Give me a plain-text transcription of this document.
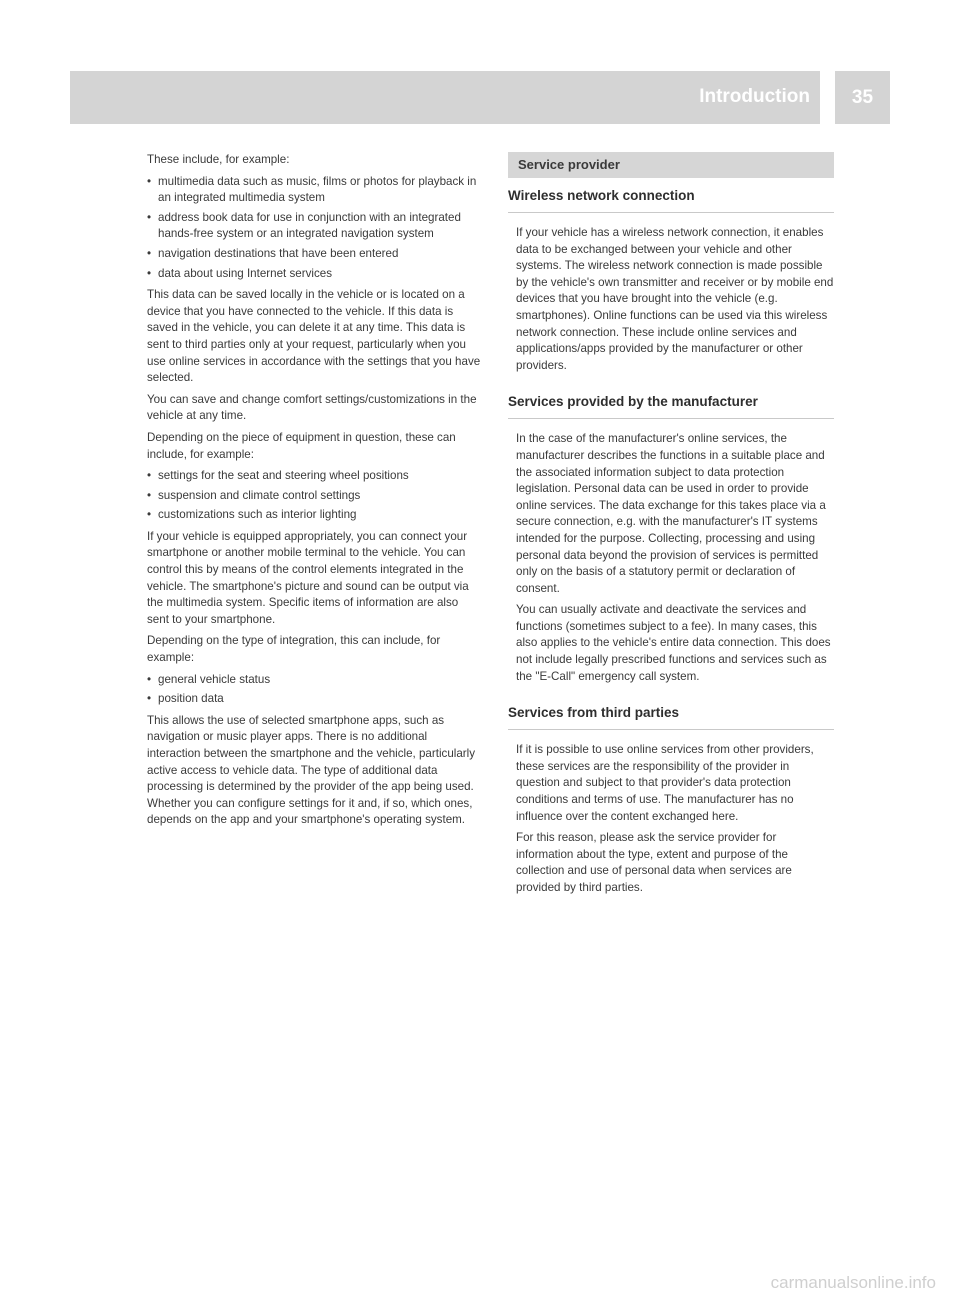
Introduction	35

These include, for example:

• multimedia data such as music, films or photos for playback in an integrated multimedia system
• address book data for use in conjunction with an integrated hands-free system or an integrated navigation system
• navigation destinations that have been entered
• data about using Internet services

This data can be saved locally in the vehicle or is located on a device that you have connected to the vehicle. If this data is saved in the vehicle, you can delete it at any time. This data is sent to third parties only at your request, particularly when you use online services in accordance with the settings that you have selected.

You can save and change comfort settings/customizations in the vehicle at any time.

Depending on the piece of equipment in question, these can include, for example:

• settings for the seat and steering wheel positions
• suspension and climate control settings
• customizations such as interior lighting

If your vehicle is equipped appropriately, you can connect your smartphone or another mobile terminal to the vehicle. You can control this by means of the control elements integrated in the vehicle. The smartphone's picture and sound can be output via the multimedia system. Specific items of information are also sent to your smartphone.

Depending on the type of integration, this can include, for example:

• general vehicle status
• position data

This allows the use of selected smartphone apps, such as navigation or music player apps. There is no additional interaction between the smartphone and the vehicle, particularly active access to vehicle data. The type of additional data processing is determined by the provider of the app being used. Whether you can configure settings for it and, if so, which ones, depends on the app and your smartphone's operating system.

Service provider
Wireless network connection

If your vehicle has a wireless network connection, it enables data to be exchanged between your vehicle and other systems. The wireless network connection is made possible by the vehicle's own transmitter and receiver or by mobile end devices that you have brought into the vehicle (e.g. smartphones). Online functions can be used via this wireless network connection. These include online services and applications/apps provided by the manufacturer or other providers.

Services provided by the manufacturer

In the case of the manufacturer's online services, the manufacturer describes the functions in a suitable place and the associated information subject to data protection legislation. Personal data can be used in order to provide online services. The data exchange for this takes place via a secure connection, e.g. with the manufacturer's IT systems intended for the purpose. Collecting, processing and using personal data beyond the provision of services is permitted only on the basis of a statutory permit or declaration of consent.

You can usually activate and deactivate the services and functions (sometimes subject to a fee). In many cases, this also applies to the vehicle's entire data connection. This does not include legally prescribed functions and services such as the "E-Call" emergency call system.

Services from third parties

If it is possible to use online services from other providers, these services are the responsibility of the provider in question and subject to that provider's data protection conditions and terms of use. The manufacturer has no influence over the content exchanged here.

For this reason, please ask the service provider for information about the type, extent and purpose of the collection and use of personal data when services are provided by third parties.

carmanualsonline.info
